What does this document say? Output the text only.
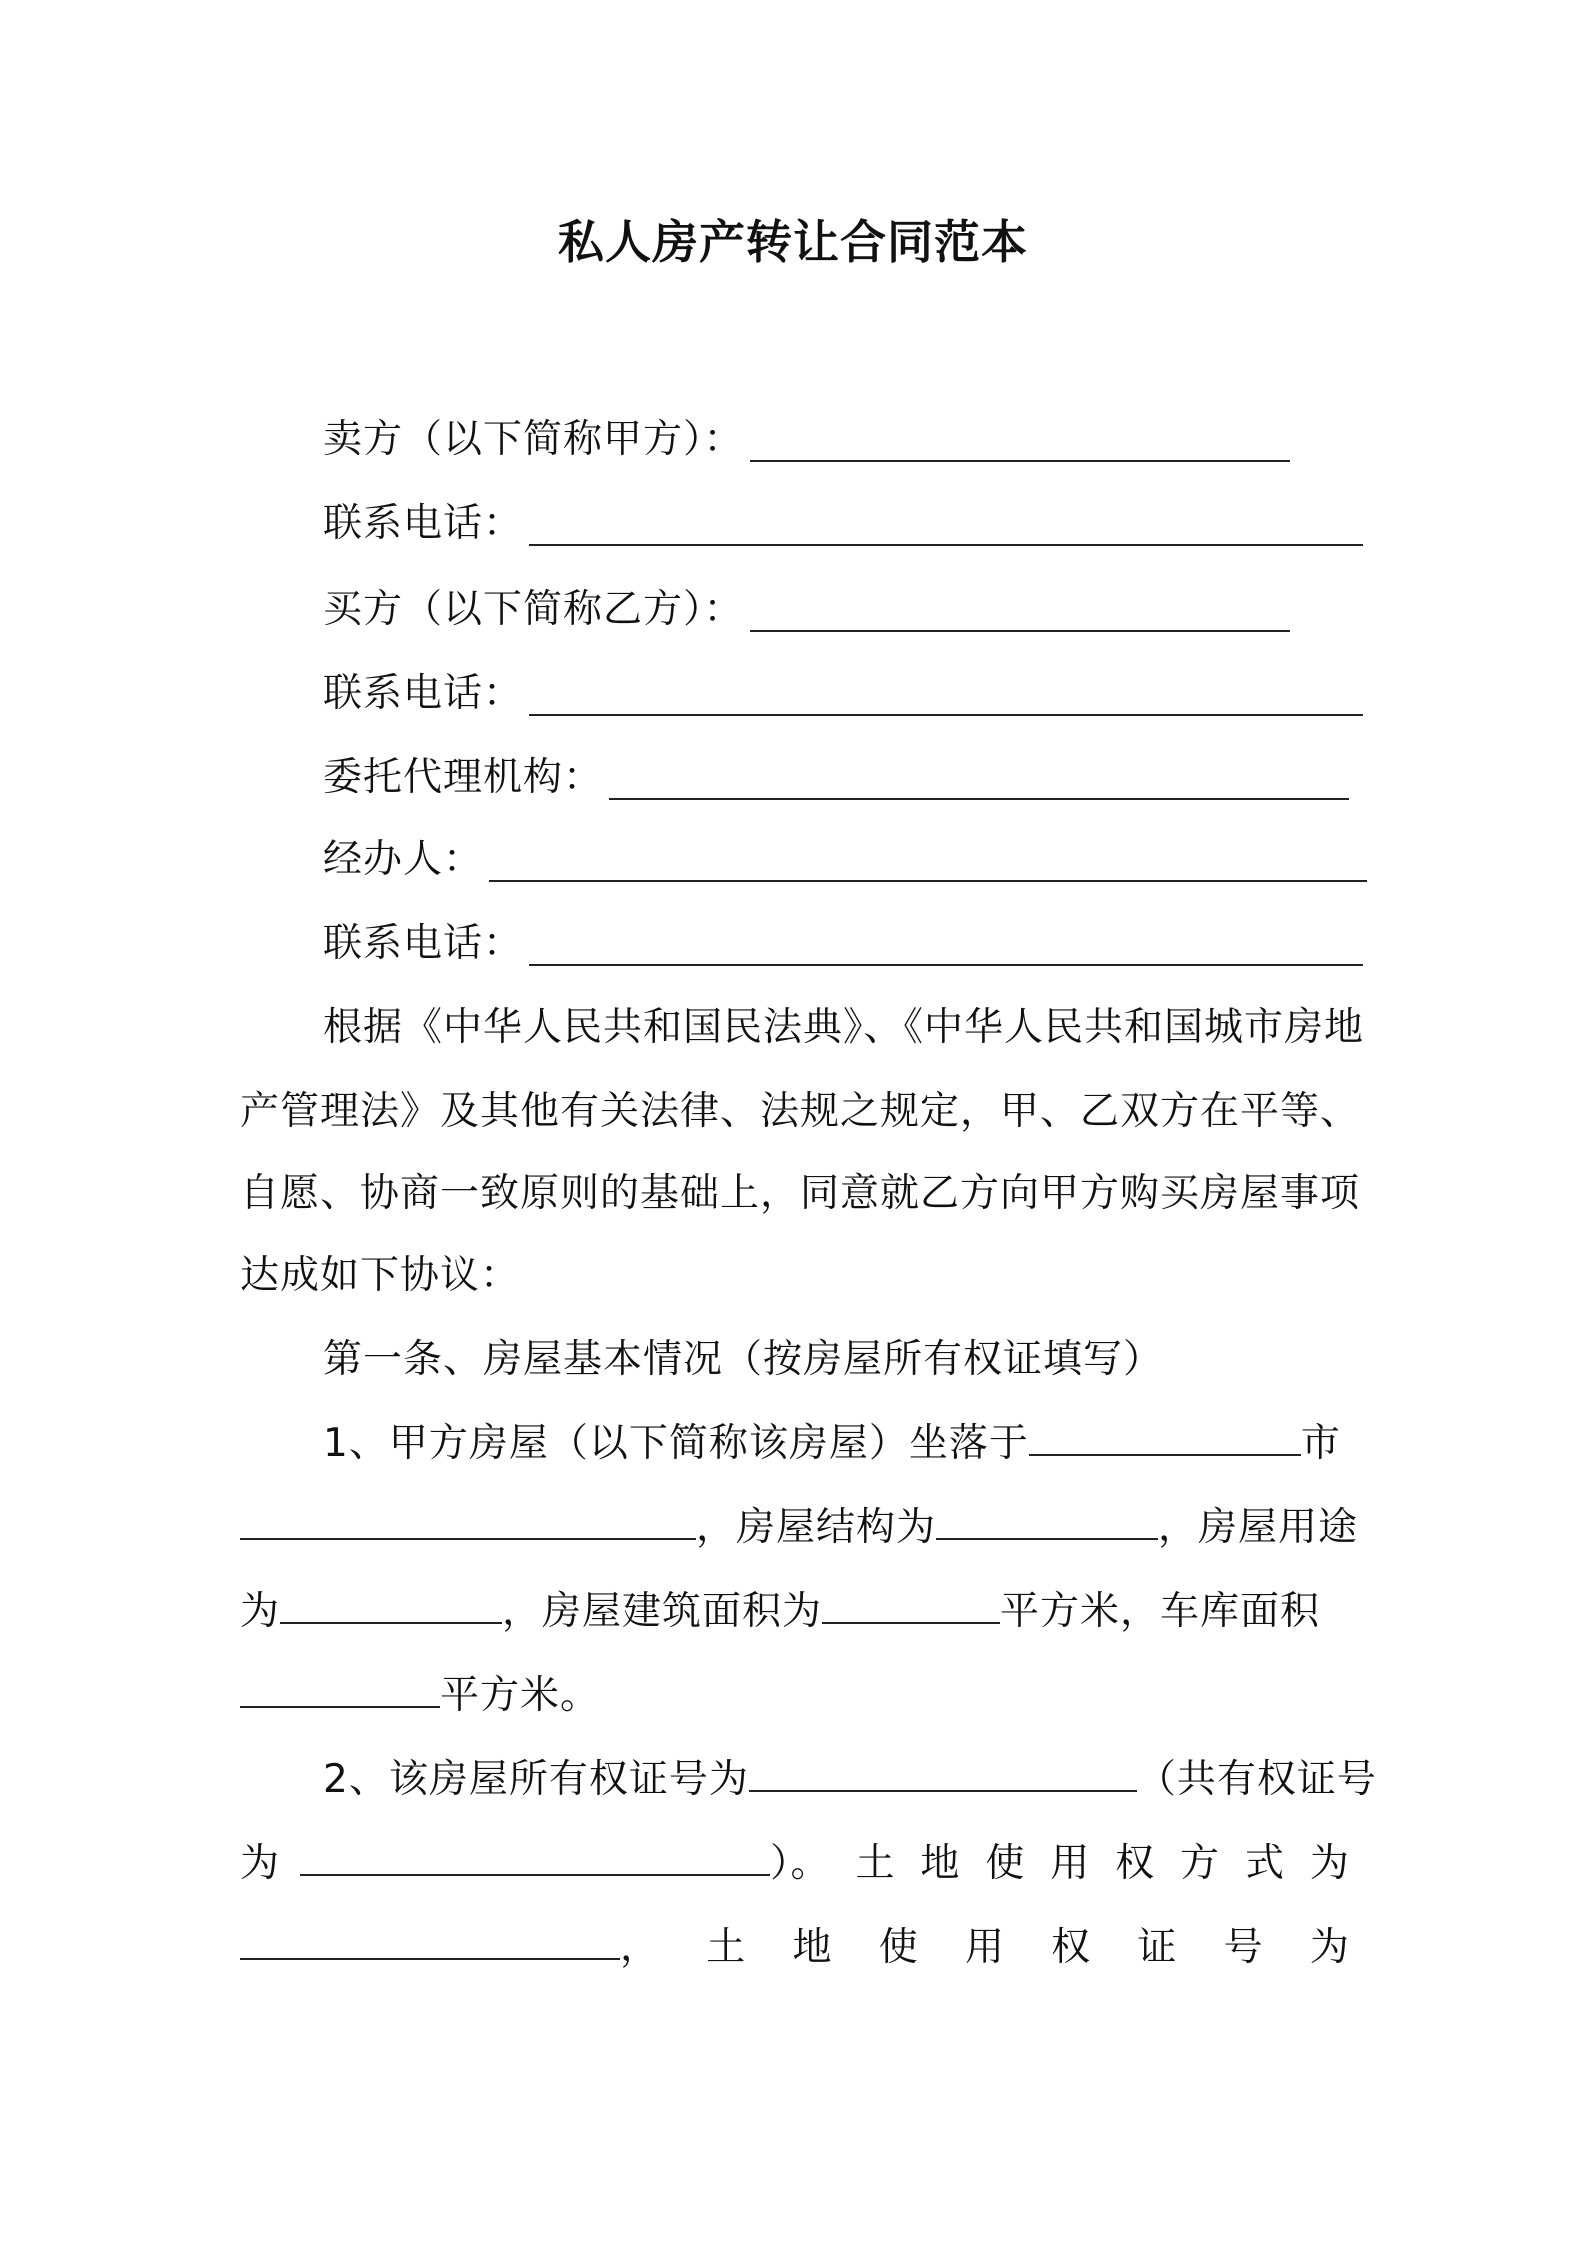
私人房产转让合同范本
卖方（以下简称甲方）：
联系电话：
买方（以下简称乙方）：
联系电话：
委托代理机构：
经办人：
联系电话：
根据《中华人民共和国民法典》、《中华人民共和国城市房地
产管理法》及其他有关法律、法规之规定，甲、乙双方在平等、
自愿、协商一致原则的基础上，同意就乙方向甲方购买房屋事项
达成如下协议：
第一条、房屋基本情况（按房屋所有权证填写）
1、甲方房屋（以下简称该房屋）坐落于	市
，房屋结构为	，房屋用途
为	，房屋建筑面积为	平方米，车库面积
平方米。
2、该房屋所有权证号为	（共有权证号
为	）。 土 地 使 用 权 方 式 为
， 土 地 使 用 权 证 号 为
